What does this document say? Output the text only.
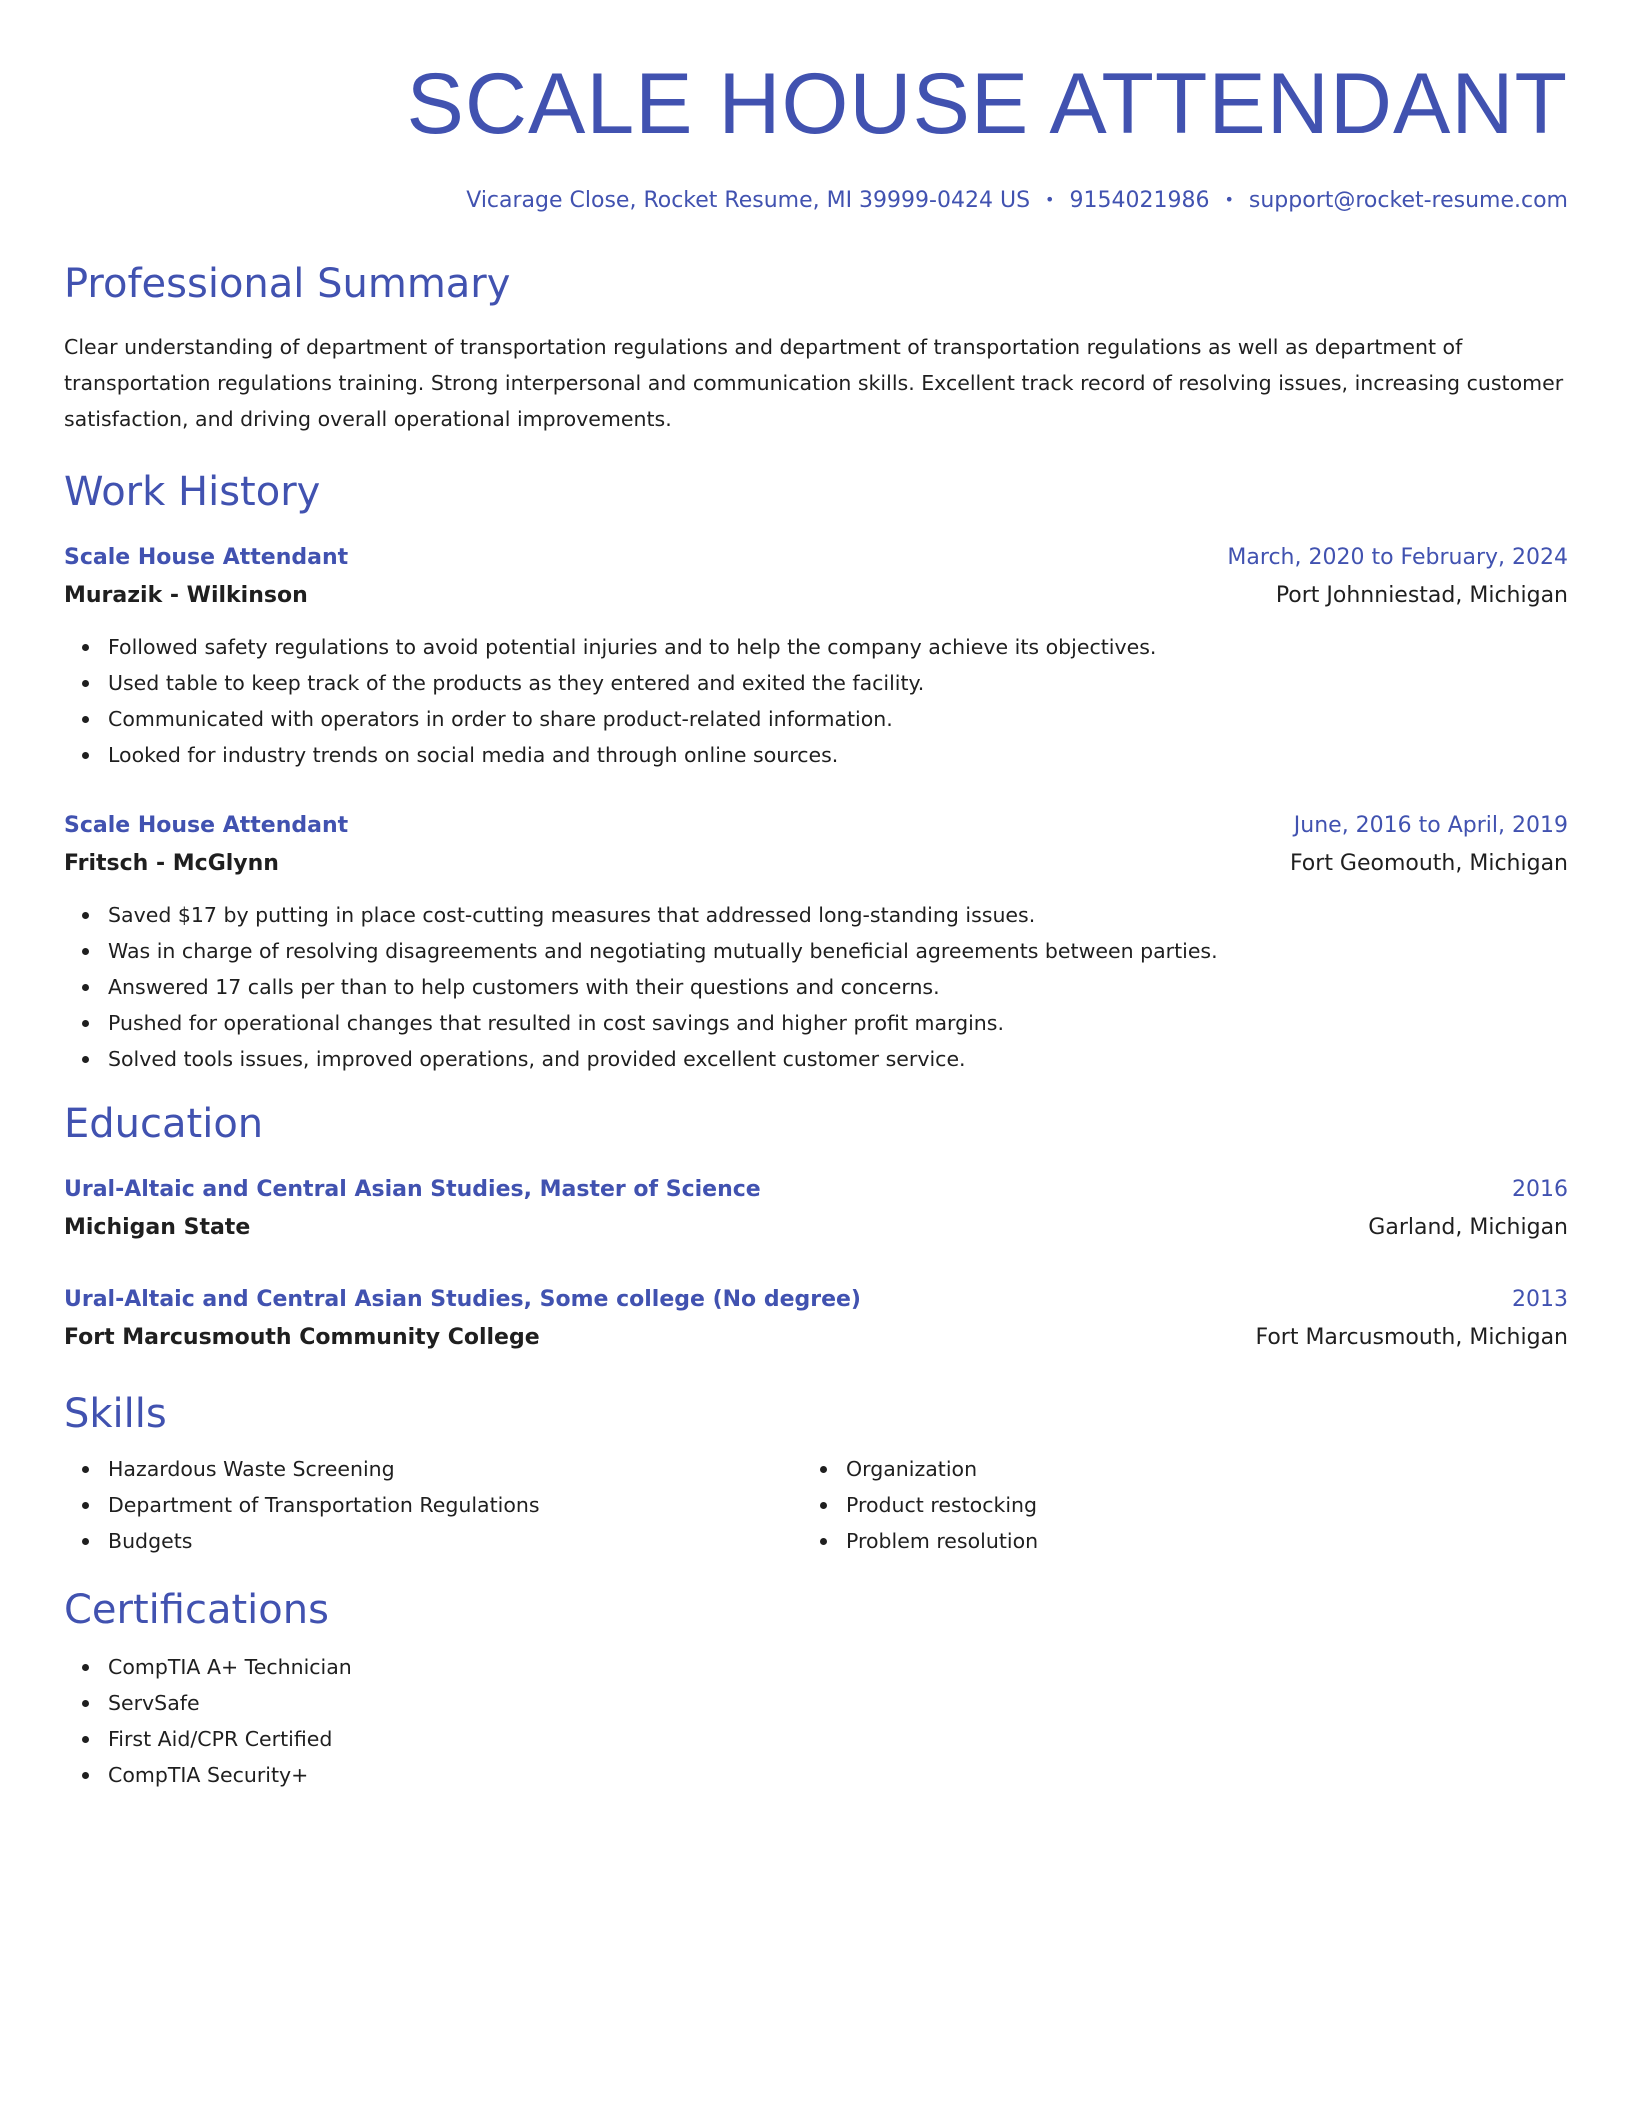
SCALE HOUSE ATTENDANT
Vicarage Close, Rocket Resume, MI 39999-0424 US • 9154021986 • support@rocket-resume.com
Professional Summary

Clear understanding of department of transportation regulations and department of transportation regulations as well as department of transportation regulations training. Strong interpersonal and communication skills. Excellent track record of resolving issues, increasing customer satisfaction, and driving overall operational improvements.

Work History
Scale House Attendant	March, 2020 to February, 2024
Murazik - Wilkinson	Port Johnniestad, Michigan
Followed safety regulations to avoid potential injuries and to help the company achieve its objectives.
Used table to keep track of the products as they entered and exited the facility.
Communicated with operators in order to share product-related information.
Looked for industry trends on social media and through online sources.
Scale House Attendant	June, 2016 to April, 2019
Fritsch - McGlynn	Fort Geomouth, Michigan
Saved $17 by putting in place cost-cutting measures that addressed long-standing issues.
Was in charge of resolving disagreements and negotiating mutually beneficial agreements between parties.
Answered 17 calls per than to help customers with their questions and concerns.
Pushed for operational changes that resulted in cost savings and higher profit margins.
Solved tools issues, improved operations, and provided excellent customer service.
Education
Ural-Altaic and Central Asian Studies, Master of Science	2016
Michigan State	Garland, Michigan
Ural-Altaic and Central Asian Studies, Some college (No degree)	2013
Fort Marcusmouth Community College	Fort Marcusmouth, Michigan
Skills
Hazardous Waste Screening
Department of Transportation Regulations
Budgets
Organization
Product restocking
Problem resolution
Certifications
CompTIA A+ Technician
ServSafe
First Aid/CPR Certified
CompTIA Security+
